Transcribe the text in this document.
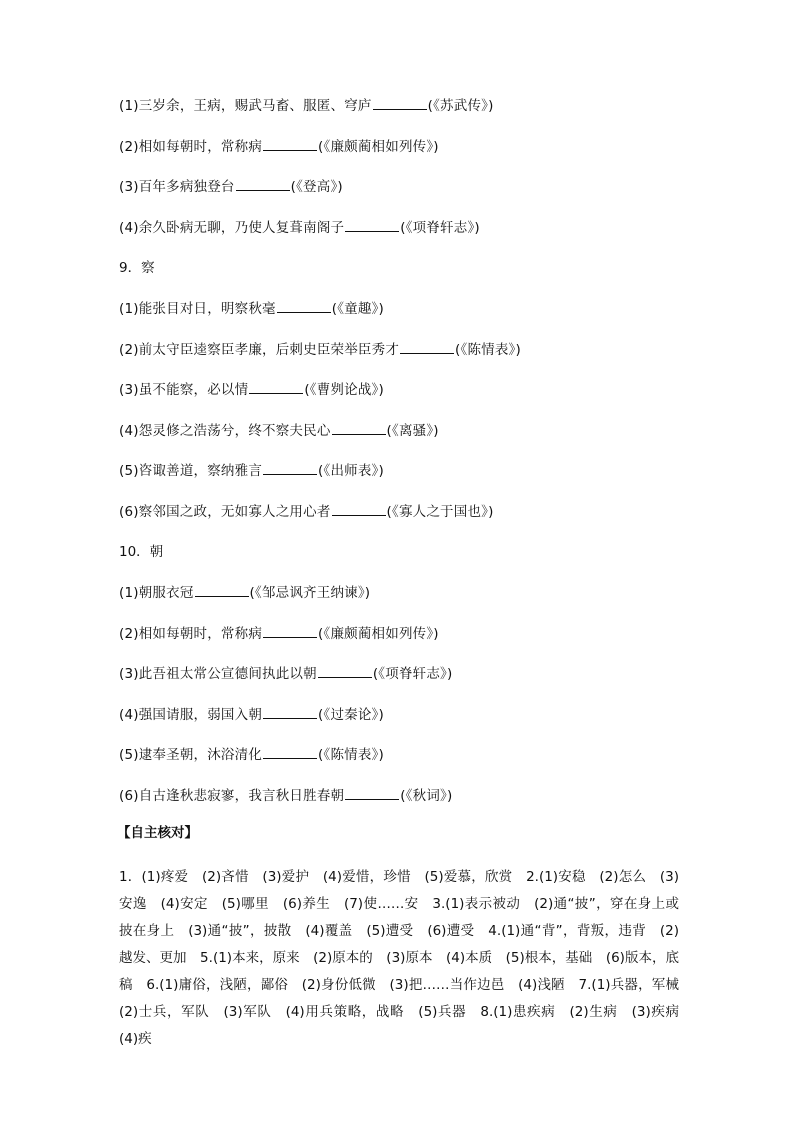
(1)三岁余，王病，赐武马畜、服匿、穹庐	(《苏武传》)
(2)相如每朝时，常称病	(《廉颇蔺相如列传》)
(3)百年多病独登台	(《登高》)
(4)余久卧病无聊，乃使人复葺南阁子	(《项脊轩志》)
9．察
(1)能张目对日，明察秋毫	(《童趣》)
(2)前太守臣逵察臣孝廉，后刺史臣荣举臣秀才	(《陈情表》)
(3)虽不能察，必以情	(《曹刿论战》)
(4)怨灵修之浩荡兮，终不察夫民心	(《离骚》)
(5)咨诹善道，察纳雅言	(《出师表》)
(6)察邻国之政，无如寡人之用心者	(《寡人之于国也》)
10．朝
(1)朝服衣冠	(《邹忌讽齐王纳谏》)
(2)相如每朝时，常称病	(《廉颇蔺相如列传》)
(3)此吾祖太常公宣德间执此以朝	(《项脊轩志》)
(4)强国请服，弱国入朝	(《过秦论》)
(5)逮奉圣朝，沐浴清化	(《陈情表》)
(6)自古逢秋悲寂寥，我言秋日胜春朝	(《秋词》)
【自主核对】
1．(1)疼爱　(2)吝惜　(3)爱护　(4)爱惜，珍惜　(5)爱慕，欣赏　2.(1)安稳　(2)怎么　(3)安逸　(4)安定　(5)哪里　(6)养生　(7)使……安　3.(1)表示被动　(2)通“披”，穿在身上或披在身上　(3)通“披”，披散　(4)覆盖　(5)遭受　(6)遭受　4.(1)通“背”，背叛，违背　(2)越发、更加　5.(1)本来，原来　(2)原本的　(3)原本　(4)本质　(5)根本，基础　(6)版本，底稿　6.(1)庸俗，浅陋，鄙俗　(2)身份低微　(3)把……当作边邑　(4)浅陋　7.(1)兵器，军械　(2)士兵，军队　(3)军队　(4)用兵策略，战略　(5)兵器　8.(1)患疾病　(2)生病　(3)疾病　(4)疾
